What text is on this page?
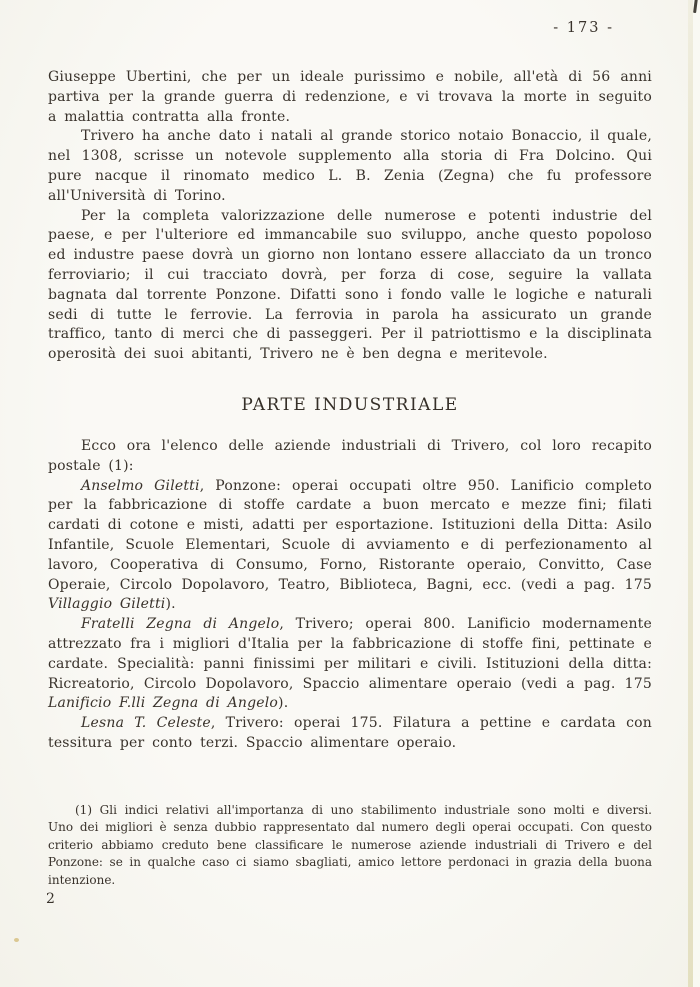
- 173 -

Giuseppe Ubertini, che per un ideale purissimo e nobile, all'età di 56 anni partiva per la grande guerra di redenzione, e vi trovava la morte in seguito a malattia contratta alla fronte.

Trivero ha anche dato i natali al grande storico notaio Bonaccio, il quale, nel 1308, scrisse un notevole supplemento alla storia di Fra Dolcino. Qui pure nacque il rinomato medico L. B. Zenia (Zegna) che fu professore all'Università di Torino.

Per la completa valorizzazione delle numerose e potenti industrie del paese, e per l'ulteriore ed immancabile suo sviluppo, anche questo popoloso ed industre paese dovrà un giorno non lontano essere allacciato da un tronco ferroviario; il cui tracciato dovrà, per forza di cose, seguire la vallata bagnata dal torrente Ponzone. Difatti sono i fondo valle le logiche e naturali sedi di tutte le ferrovie. La ferrovia in parola ha assicurato un grande traffico, tanto di merci che di passeggeri. Per il patriottismo e la disciplinata operosità dei suoi abitanti, Trivero ne è ben degna e meritevole.

PARTE INDUSTRIALE

Ecco ora l'elenco delle aziende industriali di Trivero, col loro recapito postale (1):

Anselmo Giletti, Ponzone: operai occupati oltre 950. Lanificio completo per la fabbricazione di stoffe cardate a buon mercato e mezze fini; filati cardati di cotone e misti, adatti per esportazione. Istituzioni della Ditta: Asilo Infantile, Scuole Elementari, Scuole di avviamento e di perfezionamento al lavoro, Cooperativa di Consumo, Forno, Ristorante operaio, Convitto, Case Operaie, Circolo Dopolavoro, Teatro, Biblioteca, Bagni, ecc. (vedi a pag. 175 Villaggio Giletti).

Fratelli Zegna di Angelo, Trivero; operai 800. Lanificio modernamente attrezzato fra i migliori d'Italia per la fabbricazione di stoffe fini, pettinate e cardate. Specialità: panni finissimi per militari e civili. Istituzioni della ditta: Ricreatorio, Circolo Dopolavoro, Spaccio alimentare operaio (vedi a pag. 175 Lanificio F.lli Zegna di Angelo).

Lesna T. Celeste, Trivero: operai 175. Filatura a pettine e cardata con tessitura per conto terzi. Spaccio alimentare operaio.

(1) Gli indici relativi all'importanza di uno stabilimento industriale sono molti e diversi. Uno dei migliori è senza dubbio rappresentato dal numero degli operai occupati. Con questo criterio abbiamo creduto bene classificare le numerose aziende industriali di Trivero e del Ponzone: se in qualche caso ci siamo sbagliati, amico lettore perdonaci in grazia della buona intenzione.
2
